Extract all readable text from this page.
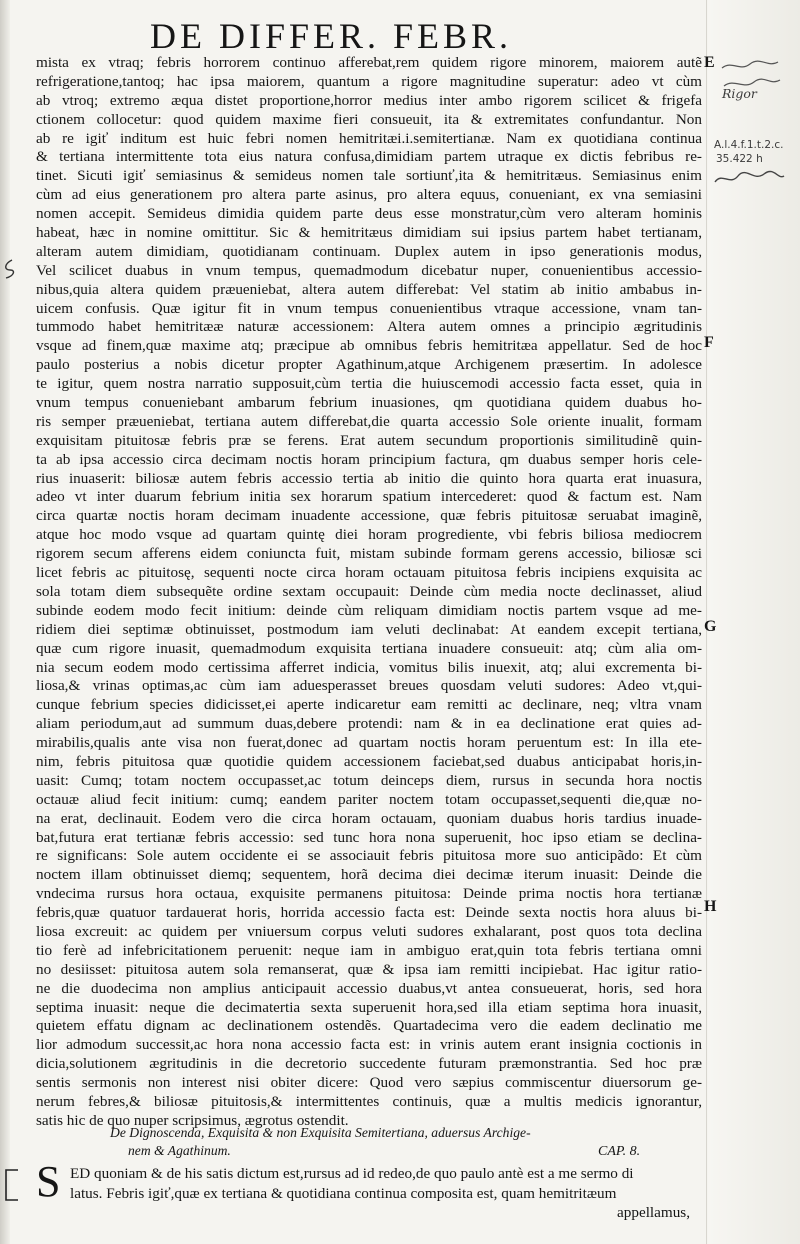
DE DIFFER. FEBR.
mista ex vtraq; febris horrorem continuo afferebat,rem quidem rigore minorem, maiorem autẽ
refrigeratione,tantoq; hac ipsa maiorem, quantum a rigore magnitudine superatur: adeo vt cùm
ab vtroq; extremo æqua distet proportione,horror medius inter ambo rigorem scilicet & frigefa
ctionem collocetur: quod quidem maxime fieri consueuit, ita & extremitates confundantur. Non
ab re igiť inditum est huic febri nomen hemitritæi.i.semitertianæ. Nam ex quotidiana continua
& tertiana intermittente tota eius natura confusa,dimidiam partem utraque ex dictis febribus re-
tinet. Sicuti igiť semiasinus & semideus nomen tale sortiunť,ita & hemitritæus. Semiasinus enim
cùm ad eius generationem pro altera parte asinus, pro altera equus, conueniant, ex vna semiasini
nomen accepit. Semideus dimidia quidem parte deus esse monstratur,cùm vero alteram hominis
habeat, hæc in nomine omittitur. Sic & hemitritæus dimidiam sui ipsius partem habet tertianam,
alteram autem dimidiam, quotidianam continuam. Duplex autem in ipso generationis modus,
Vel scilicet duabus in vnum tempus, quemadmodum dicebatur nuper, conuenientibus accessio-
nibus,quia altera quidem præueniebat, altera autem differebat: Vel statim ab initio ambabus in-
uicem confusis. Quæ igitur fit in vnum tempus conuenientibus vtraque accessione, vnam tan-
tummodo habet hemitritææ naturæ accessionem: Altera autem omnes a principio ægritudinis
vsque ad finem,quæ maxime atq; præcipue ab omnibus febris hemitritæa appellatur. Sed de hoc
paulo posterius a nobis dicetur propter Agathinum,atque Archigenem præsertim. In adolesce
te igitur, quem nostra narratio supposuit,cùm tertia die huiuscemodi accessio facta esset, quia in
vnum tempus conueniebant ambarum febrium inuasiones, qm quotidiana quidem duabus ho-
ris semper præueniebat, tertiana autem differebat,die quarta accessio Sole oriente inualit, formam
exquisitam pituitosæ febris præ se ferens. Erat autem secundum proportionis similitudinẽ quin-
ta ab ipsa accessio circa decimam noctis horam principium factura, qm duabus semper horis cele-
rius inuaserit: biliosæ autem febris accessio tertia ab initio die quinto hora quarta erat inuasura,
adeo vt inter duarum febrium initia sex horarum spatium intercederet: quod & factum est. Nam
circa quartæ noctis horam decimam inuadente accessione, quæ febris pituitosæ seruabat imaginẽ,
atque hoc modo vsque ad quartam quintę diei horam progrediente, vbi febris biliosa mediocrem
rigorem secum afferens eidem coniuncta fuit, mistam subinde formam gerens accessio, biliosæ sci
licet febris ac pituitosę, sequenti nocte circa horam octauam pituitosa febris incipiens exquisita ac
sola totam diem subsequẽte ordine sextam occupauit: Deinde cùm media nocte declinasset, aliud
subinde eodem modo fecit initium: deinde cùm reliquam dimidiam noctis partem vsque ad me-
ridiem diei septimæ obtinuisset, postmodum iam veluti declinabat: At eandem excepit tertiana,
quæ cum rigore inuasit, quemadmodum exquisita tertiana inuadere consueuit: atq; cùm alia om-
nia secum eodem modo certissima afferret indicia, vomitus bilis inuexit, atq; alui excrementa bi-
liosa,& vrinas optimas,ac cùm iam aduesperasset breues quosdam veluti sudores: Adeo vt,qui-
cunque febrium species didicisset,ei aperte indicaretur eam remitti ac declinare, neq; vltra vnam
aliam periodum,aut ad summum duas,debere protendi: nam & in ea declinatione erat quies ad-
mirabilis,qualis ante visa non fuerat,donec ad quartam noctis horam peruentum est: In illa ete-
nim, febris pituitosa quæ quotidie quidem accessionem faciebat,sed duabus anticipabat horis,in-
uasit: Cumq; totam noctem occupasset,ac totum deinceps diem, rursus in secunda hora noctis
octauæ aliud fecit initium: cumq; eandem pariter noctem totam occupasset,sequenti die,quæ no-
na erat, declinauit. Eodem vero die circa horam octauam, quoniam duabus horis tardius inuade-
bat,futura erat tertianæ febris accessio: sed tunc hora nona superuenit, hoc ipso etiam se declina-
re significans: Sole autem occidente ei se associauit febris pituitosa more suo anticipãdo: Et cùm
noctem illam obtinuisset diemq; sequentem, horã decima diei decimæ iterum inuasit: Deinde die
vndecima rursus hora octaua, exquisite permanens pituitosa: Deinde prima noctis hora tertianæ
febris,quæ quatuor tardauerat horis, horrida accessio facta est: Deinde sexta noctis hora aluus bi-
liosa excreuit: ac quidem per vniuersum corpus veluti sudores exhalarant, post quos tota declina
tio ferè ad infebricitationem peruenit: neque iam in ambiguo erat,quin tota febris tertiana omni
no desiisset: pituitosa autem sola remanserat, quæ & ipsa iam remitti incipiebat. Hac igitur ratio-
ne die duodecima non amplius anticipauit accessio duabus,vt antea consueuerat, horis, sed hora
septima inuasit: neque die decimatertia sexta superuenit hora,sed illa etiam septima hora inuasit,
quietem effatu dignam ac declinationem ostendẽs. Quartadecima vero die eadem declinatio me
lior admodum successit,ac hora nona accessio facta est: in vrinis autem erant insignia coctionis in
dicia,solutionem ægritudinis in die decretorio succedente futuram præmonstrantia. Sed hoc præ
sentis sermonis non interest nisi obiter dicere: Quod vero sæpius commiscentur diuersorum ge-
nerum febres,& biliosæ pituitosis,& intermittentes continuis, quæ a multis medicis ignorantur,
satis hic de quo nuper scripsimus, ægrotus ostendit.
De Dignoscenda, Exquisita & non Exquisita Semitertiana, aduersus Archige-
nem & Agathinum.	CAP. 8.
S ED quoniam & de his satis dictum est,rursus ad id redeo,de quo paulo antè est a me sermo di
latus. Febris igiť,quæ ex tertiana & quotidiana continua composita est, quam hemitritæum
appellamus,
E
F
G
H
Rigor
A.l.4.f.1.t.2.c.
35.422 h
